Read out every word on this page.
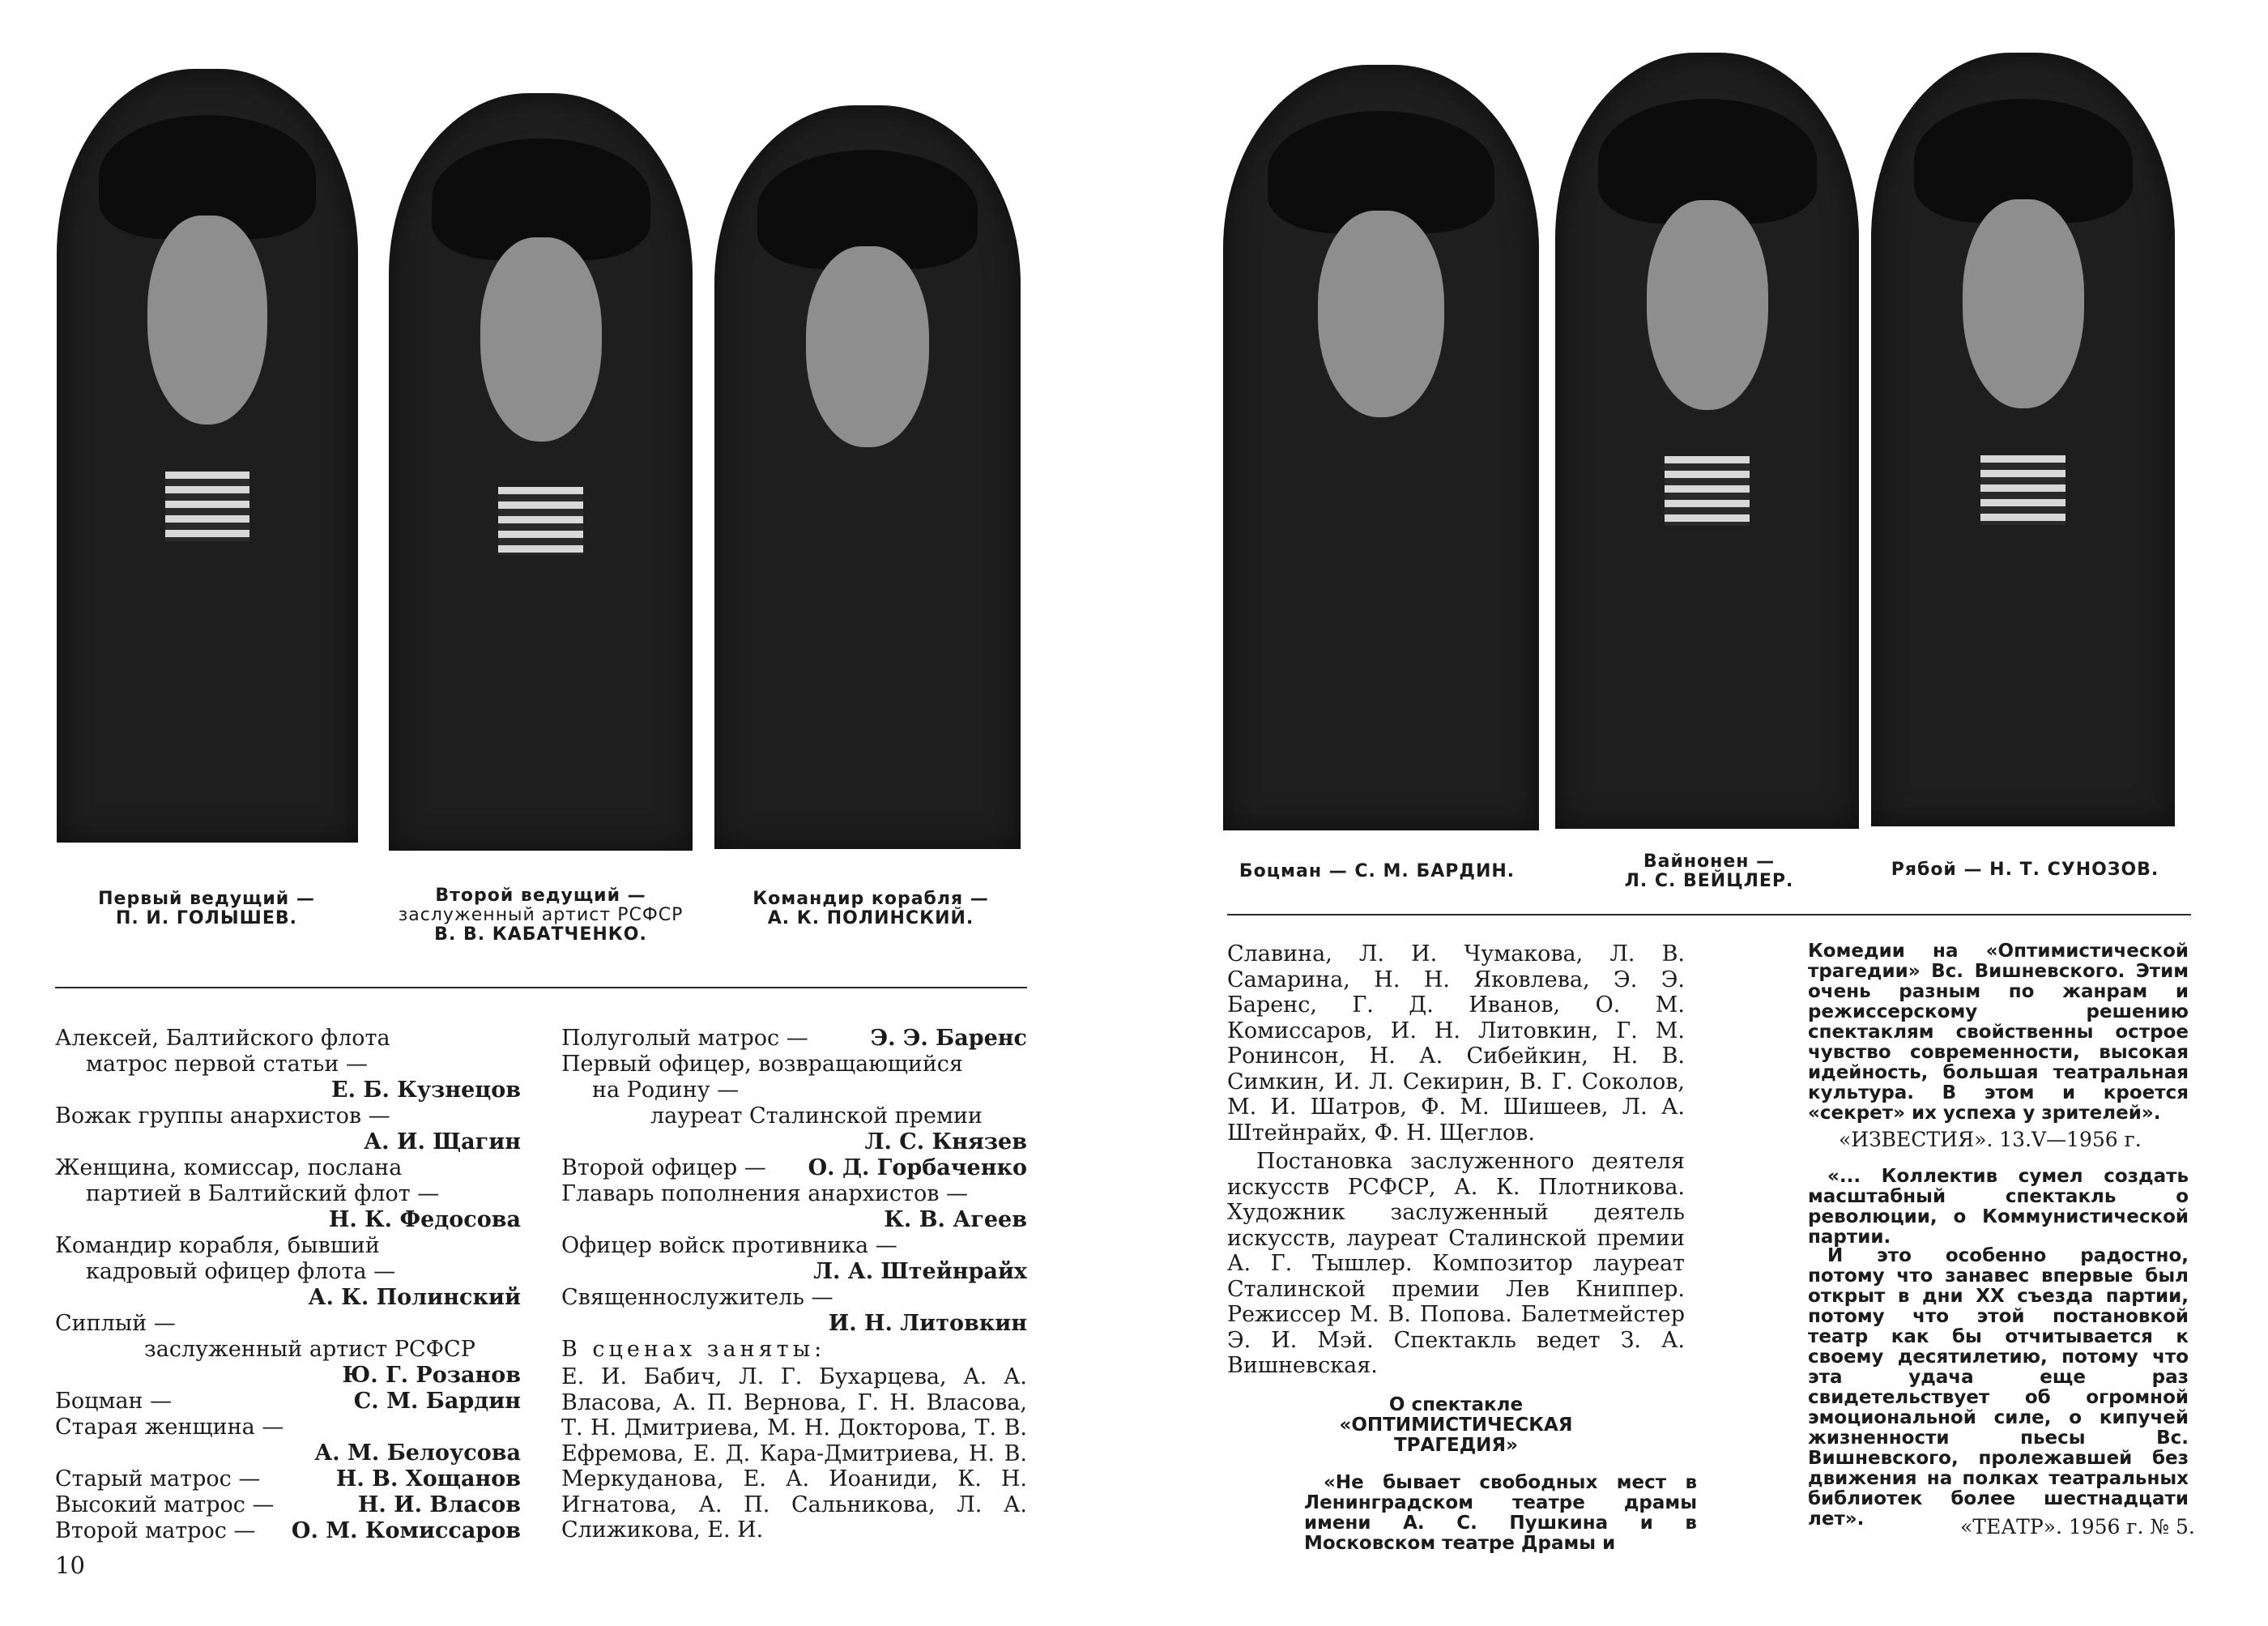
Первый ведущий —
П. И. ГОЛЫШЕВ.
Второй ведущий —
заслуженный артист РСФСР
В. В. КАБАТЧЕНКО.
Командир корабля —
А. К. ПОЛИНСКИЙ.
Боцман — С. М. БАРДИН.	Вайнонен —
Л. С. ВЕЙЦЛЕР.
Рябой — Н. Т. СУНОЗОВ.
Алексей, Балтийского флота
матрос первой статьи —
Е. Б. Кузнецов
Вожак группы анархистов —
А. И. Щагин
Женщина, комиссар, послана
партией в Балтийский флот —
Н. К. Федосова
Командир корабля, бывший
кадровый офицер флота —
А. К. Полинский
Сиплый —
заслуженный артист РСФСР
Ю. Г. Розанов
Боцман —	С. М. Бардин
Старая женщина —
А. М. Белоусова
Старый матрос —	Н. В. Хощанов
Высокий матрос —	Н. И. Власов
Второй матрос — О. М. Комиссаров
Полуголый матрос —	Э. Э. Баренс
Первый офицер, возвращающийся
на Родину —
лауреат Сталинской премии
Л. С. Князев
Второй офицер — О. Д. Горбаченко
Главарь пополнения анархистов —
К. В. Агеев
Офицер войск противника —
Л. А. Штейнрайх
Священнослужитель —
И. Н. Литовкин
В сценах заняты:
Е. И. Бабич, Л. Г. Бухарцева, А. А. Власова, А. П. Вернова, Г. Н. Власова, Т. Н. Дмитриева, М. Н. Докторова, Т. В. Ефремова, Е. Д. Кара-Дмитриева, Н. В. Меркуданова, Е. А. Иоаниди, К. Н. Игнатова, А. П. Сальникова, Л. А. Слижикова, Е. И.
Славина, Л. И. Чумакова, Л. В. Самарина, Н. Н. Яковлева, Э. Э. Баренс, Г. Д. Иванов, О. М. Комиссаров, И. Н. Литовкин, Г. М. Ронинсон, Н. А. Сибейкин, Н. В. Симкин, И. Л. Секирин, В. Г. Соколов, М. И. Шатров, Ф. М. Шишеев, Л. А. Штейнрайх, Ф. Н. Щеглов.
Постановка заслуженного деятеля искусств РСФСР, А. К. Плотникова. Художник заслуженный деятель искусств, лауреат Сталинской премии А. Г. Тышлер. Композитор лауреат Сталинской премии Лев Книппер. Режиссер М. В. Попова. Балетмейстер Э. И. Мэй. Спектакль ведет З. А. Вишневская.
О спектакле
«ОПТИМИСТИЧЕСКАЯ
ТРАГЕДИЯ»
«Не бывает свободных мест в Ленинградском театре драмы имени А. С. Пушкина и в Московском театре Драмы и
Комедии на «Оптимистической трагедии» Вс. Вишневского. Этим очень разным по жанрам и режиссерскому решению спектаклям свойственны острое чувство современности, высокая идейность, большая театральная культура. В этом и кроется «секрет» их успеха у зрителей».
«ИЗВЕСТИЯ». 13.V—1956 г.
«... Коллектив сумел создать масштабный спектакль о революции, о Коммунистической партии.
И это особенно радостно, потому что занавес впервые был открыт в дни XX съезда партии, потому что этой постановкой театр как бы отчитывается к своему десятилетию, потому что эта удача еще раз свидетельствует об огромной эмоциональной силе, о кипучей жизненности пьесы Вс. Вишневского, пролежавшей без движения на полках театральных библиотек более шестнадцати лет».	«ТЕАТР». 1956 г. № 5.
10
